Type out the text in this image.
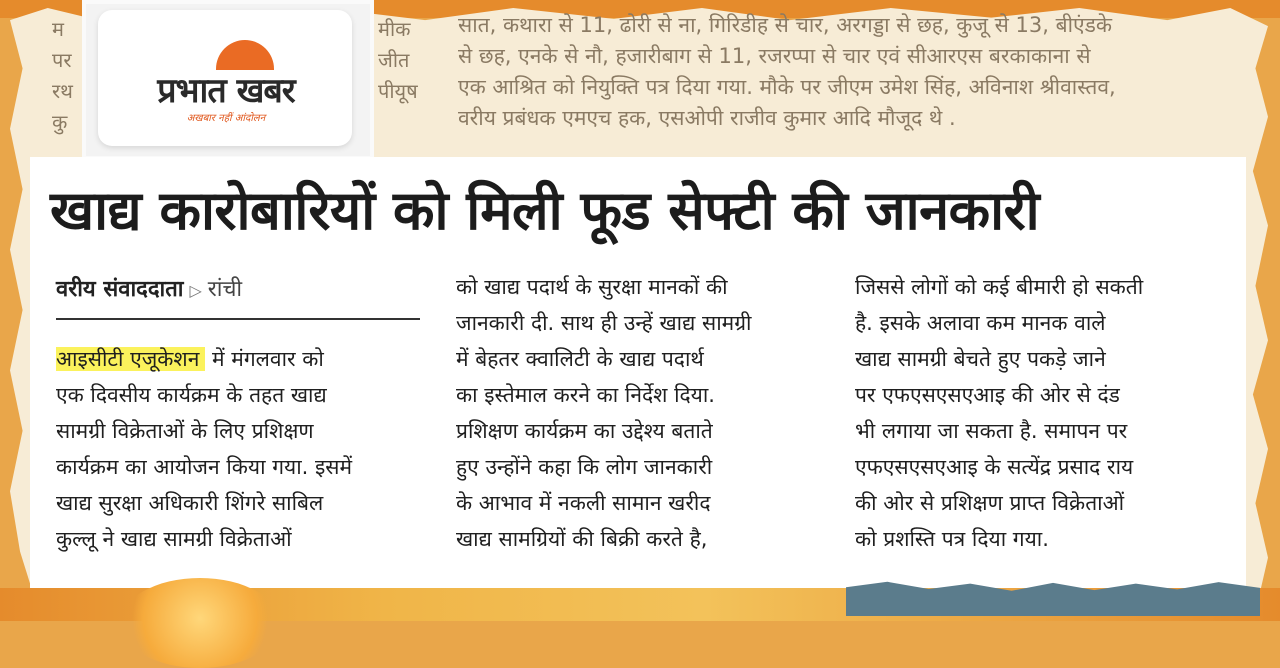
म
पर
रथ
कु
मीक
जीत
पीयूष
सात, कथारा से 11, ढोरी से ना, गिरिडीह से चार, अरगड्डा से छह, कुजू से 13, बीएंडके
से छह, एनके से नौ, हजारीबाग से 11, रजरप्पा से चार एवं सीआरएस बरकाकाना से
एक आश्रित को नियुक्ति पत्र दिया गया. मौके पर जीएम उमेश सिंह, अविनाश श्रीवास्तव,
वरीय प्रबंधक एमएच हक, एसओपी राजीव कुमार आदि मौजूद थे .
〰
प्रभात खबर
अखबार नहीं आंदोलन
खाद्य कारोबारियों को मिली फूड सेफ्टी की जानकारी
वरीय संवाददाता ▷ रांची
आइसीटी एजूकेशन में मंगलवार को
एक दिवसीय कार्यक्रम के तहत खाद्य
सामग्री विक्रेताओं के लिए प्रशिक्षण
कार्यक्रम का आयोजन किया गया. इसमें
खाद्य सुरक्षा अधिकारी शिंगरे साबिल
कुल्लू ने खाद्य सामग्री विक्रेताओं
को खाद्य पदार्थ के सुरक्षा मानकों की
जानकारी दी. साथ ही उन्हें खाद्य सामग्री
में बेहतर क्वालिटी के खाद्य पदार्थ
का इस्तेमाल करने का निर्देश दिया.
प्रशिक्षण कार्यक्रम का उद्देश्य बताते
हुए उन्होंने कहा कि लोग जानकारी
के आभाव में नकली सामान खरीद
खाद्य सामग्रियों की बिक्री करते है,
जिससे लोगों को कई बीमारी हो सकती
है. इसके अलावा कम मानक वाले
खाद्य सामग्री बेचते हुए पकड़े जाने
पर एफएसएसएआइ की ओर से दंड
भी लगाया जा सकता है. समापन पर
एफएसएसएआइ के सत्येंद्र प्रसाद राय
की ओर से प्रशिक्षण प्राप्त विक्रेताओं
को प्रशस्ति पत्र दिया गया.
